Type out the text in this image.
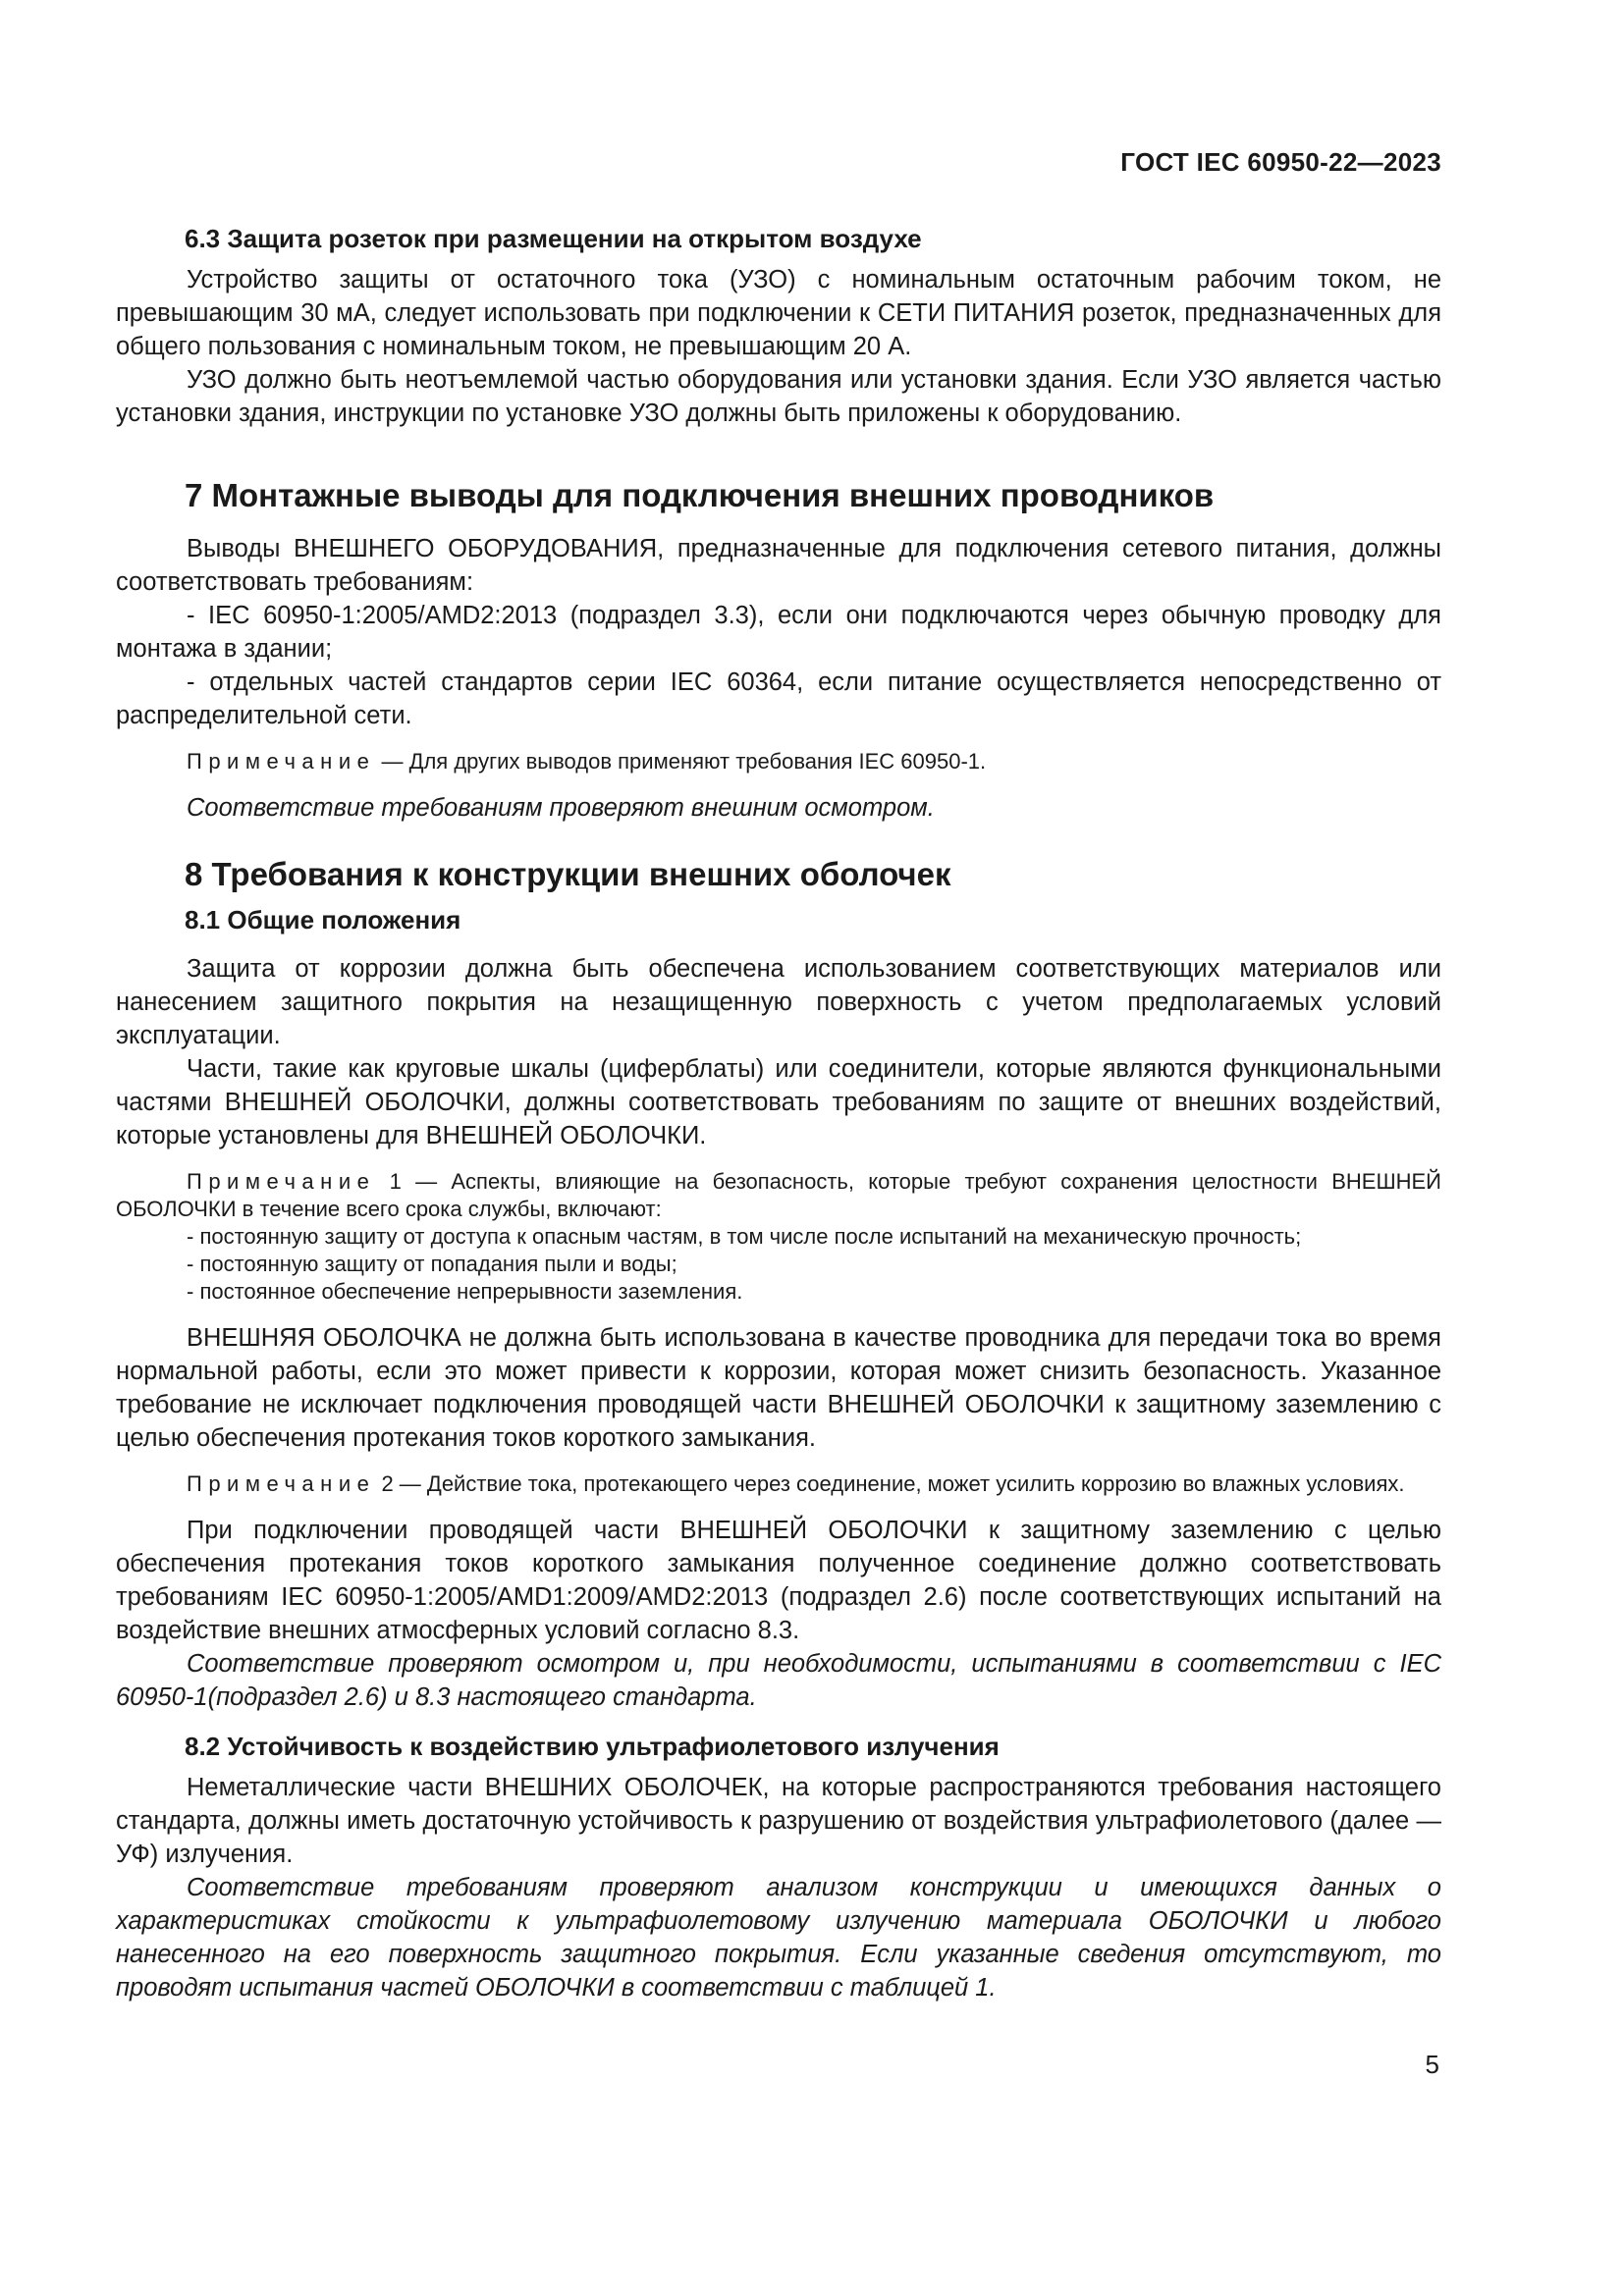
ГОСТ IEC 60950-22—2023
6.3 Защита розеток при размещении на открытом воздухе

Устройство защиты от остаточного тока (УЗО) с номинальным остаточным рабочим током, не превышающим 30 мА, следует использовать при подключении к СЕТИ ПИТАНИЯ розеток, предназначенных для общего пользования с номинальным током, не превышающим 20 А.

УЗО должно быть неотъемлемой частью оборудования или установки здания. Если УЗО является частью установки здания, инструкции по установке УЗО должны быть приложены к оборудованию.

7 Монтажные выводы для подключения внешних проводников

Выводы ВНЕШНЕГО ОБОРУДОВАНИЯ, предназначенные для подключения сетевого питания, должны соответствовать требованиям:

- IEC 60950-1:2005/AMD2:2013 (подраздел 3.3), если они подключаются через обычную проводку для монтажа в здании;

- отдельных частей стандартов серии IEC 60364, если питание осуществляется непосредственно от распределительной сети.

Примечание — Для других выводов применяют требования IEC 60950-1.

Соответствие требованиям проверяют внешним осмотром.

8 Требования к конструкции внешних оболочек
8.1 Общие положения

Защита от коррозии должна быть обеспечена использованием соответствующих материалов или нанесением защитного покрытия на незащищенную поверхность с учетом предполагаемых условий эксплуатации.

Части, такие как круговые шкалы (циферблаты) или соединители, которые являются функциональными частями ВНЕШНЕЙ ОБОЛОЧКИ, должны соответствовать требованиям по защите от внешних воздействий, которые установлены для ВНЕШНЕЙ ОБОЛОЧКИ.

Примечание 1 — Аспекты, влияющие на безопасность, которые требуют сохранения целостности ВНЕШНЕЙ ОБОЛОЧКИ в течение всего срока службы, включают:

- постоянную защиту от доступа к опасным частям, в том числе после испытаний на механическую прочность;

- постоянную защиту от попадания пыли и воды;

- постоянное обеспечение непрерывности заземления.

ВНЕШНЯЯ ОБОЛОЧКА не должна быть использована в качестве проводника для передачи тока во время нормальной работы, если это может привести к коррозии, которая может снизить безопасность. Указанное требование не исключает подключения проводящей части ВНЕШНЕЙ ОБОЛОЧКИ к защитному заземлению с целью обеспечения протекания токов короткого замыкания.

Примечание 2 — Действие тока, протекающего через соединение, может усилить коррозию во влажных условиях.

При подключении проводящей части ВНЕШНЕЙ ОБОЛОЧКИ к защитному заземлению с целью обеспечения протекания токов короткого замыкания полученное соединение должно соответствовать требованиям IEC 60950-1:2005/AMD1:2009/AMD2:2013 (подраздел 2.6) после соответствующих испытаний на воздействие внешних атмосферных условий согласно 8.3.

Соответствие проверяют осмотром и, при необходимости, испытаниями в соответствии с IEC 60950-1(подраздел 2.6) и 8.3 настоящего стандарта.

8.2 Устойчивость к воздействию ультрафиолетового излучения

Неметаллические части ВНЕШНИХ ОБОЛОЧЕК, на которые распространяются требования настоящего стандарта, должны иметь достаточную устойчивость к разрушению от воздействия ультрафиолетового (далее — УФ) излучения.

Соответствие требованиям проверяют анализом конструкции и имеющихся данных о характеристиках стойкости к ультрафиолетовому излучению материала ОБОЛОЧКИ и любого нанесенного на его поверхность защитного покрытия. Если указанные сведения отсутствуют, то проводят испытания частей ОБОЛОЧКИ в соответствии с таблицей 1.

5
